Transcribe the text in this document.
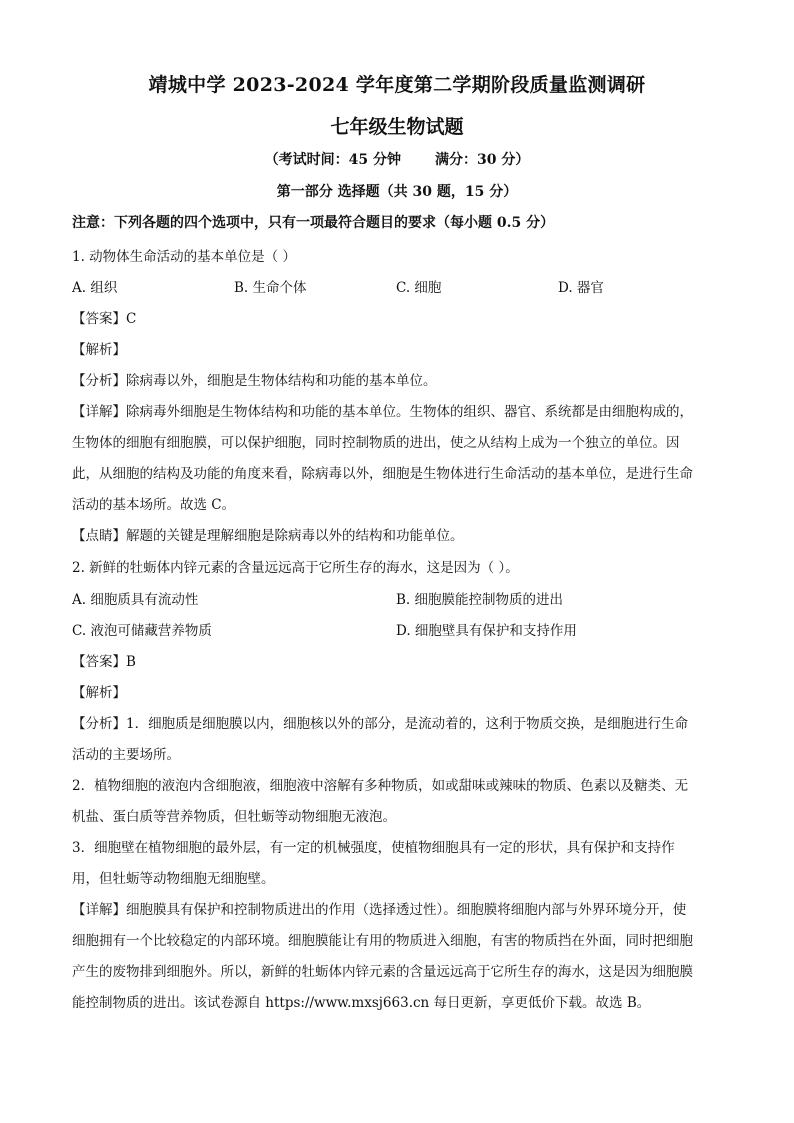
靖城中学 2023-2024 学年度第二学期阶段质量监测调研
七年级生物试题
（考试时间：45 分钟 满分：30 分）
第一部分 选择题（共 30 题，15 分）
注意：下列各题的四个选项中，只有一项最符合题目的要求（每小题 0.5 分）
1. 动物体生命活动的基本单位是（ ）
A. 组织	B. 生命个体	C. 细胞	D. 器官
【答案】C
【解析】
【分析】除病毒以外，细胞是生物体结构和功能的基本单位。
【详解】除病毒外细胞是生物体结构和功能的基本单位。生物体的组织、器官、系统都是由细胞构成的，
生物体的细胞有细胞膜，可以保护细胞，同时控制物质的进出，使之从结构上成为一个独立的单位。因
此，从细胞的结构及功能的角度来看，除病毒以外，细胞是生物体进行生命活动的基本单位，是进行生命
活动的基本场所。故选 C。
【点睛】解题的关键是理解细胞是除病毒以外的结构和功能单位。
2. 新鲜的牡蛎体内锌元素的含量远远高于它所生存的海水，这是因为（ ）。
A. 细胞质具有流动性	B. 细胞膜能控制物质的进出
C. 液泡可储藏营养物质	D. 细胞壁具有保护和支持作用
【答案】B
【解析】
【分析】1．细胞质是细胞膜以内，细胞核以外的部分，是流动着的，这利于物质交换，是细胞进行生命
活动的主要场所。
2．植物细胞的液泡内含细胞液，细胞液中溶解有多种物质，如或甜味或辣味的物质、色素以及糖类、无
机盐、蛋白质等营养物质，但牡蛎等动物细胞无液泡。
3．细胞壁在植物细胞的最外层，有一定的机械强度，使植物细胞具有一定的形状，具有保护和支持作
用，但牡蛎等动物细胞无细胞壁。
【详解】细胞膜具有保护和控制物质进出的作用（选择透过性）。细胞膜将细胞内部与外界环境分开，使
细胞拥有一个比较稳定的内部环境。细胞膜能让有用的物质进入细胞，有害的物质挡在外面，同时把细胞
产生的废物排到细胞外。所以，新鲜的牡蛎体内锌元素的含量远远高于它所生存的海水，这是因为细胞膜
能控制物质的进出。该试卷源自 https://www.mxsj663.cn 每日更新，享更低价下载。故选 B。
